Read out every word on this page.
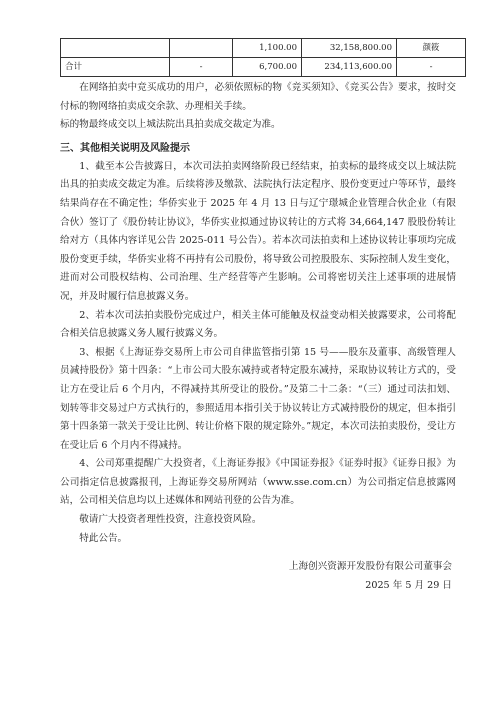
		1,100.00	32,158,800.00	颜筱
合计	-	6,700.00	234,113,600.00	-

在网络拍卖中竞买成功的用户，必须依照标的物《竞买须知》、《竞买公告》要求，按时交付标的物网络拍卖成交余款、办理相关手续。

标的物最终成交以上城法院出具拍卖成交裁定为准。

三、其他相关说明及风险提示

1、截至本公告披露日，本次司法拍卖网络阶段已经结束，拍卖标的最终成交以上城法院出具的拍卖成交裁定为准。后续将涉及缴款、法院执行法定程序、股份变更过户等环节，最终结果尚存在不确定性；华侨实业于 2025 年 4 月 13 日与辽宁璟城企业管理合伙企业（有限合伙）签订了《股份转让协议》，华侨实业拟通过协议转让的方式将 34,664,147 股股份转让给对方（具体内容详见公告 2025-011 号公告）。若本次司法拍卖和上述协议转让事项均完成股份变更手续，华侨实业将不再持有公司股份，将导致公司控股股东、实际控制人发生变化，进而对公司股权结构、公司治理、生产经营等产生影响。公司将密切关注上述事项的进展情况，并及时履行信息披露义务。

2、若本次司法拍卖股份完成过户，相关主体可能触及权益变动相关披露要求，公司将配合相关信息披露义务人履行披露义务。

3、根据《上海证券交易所上市公司自律监管指引第 15 号——股东及董事、高级管理人员减持股份》第十四条：“上市公司大股东减持或者特定股东减持，采取协议转让方式的，受让方在受让后 6 个月内，不得减持其所受让的股份。”及第二十二条：“（三）通过司法扣划、划转等非交易过户方式执行的，参照适用本指引关于协议转让方式减持股份的规定，但本指引第十四条第一款关于受让比例、转让价格下限的规定除外。”规定，本次司法拍卖股份，受让方在受让后 6 个月内不得减持。

4、公司郑重提醒广大投资者，《上海证券报》《中国证券报》《证券时报》《证券日报》为公司指定信息披露报刊，上海证券交易所网站（www.sse.com.cn）为公司指定信息披露网站，公司相关信息均以上述媒体和网站刊登的公告为准。

敬请广大投资者理性投资，注意投资风险。

特此公告。

上海创兴资源开发股份有限公司董事会
2025 年 5 月 29 日
